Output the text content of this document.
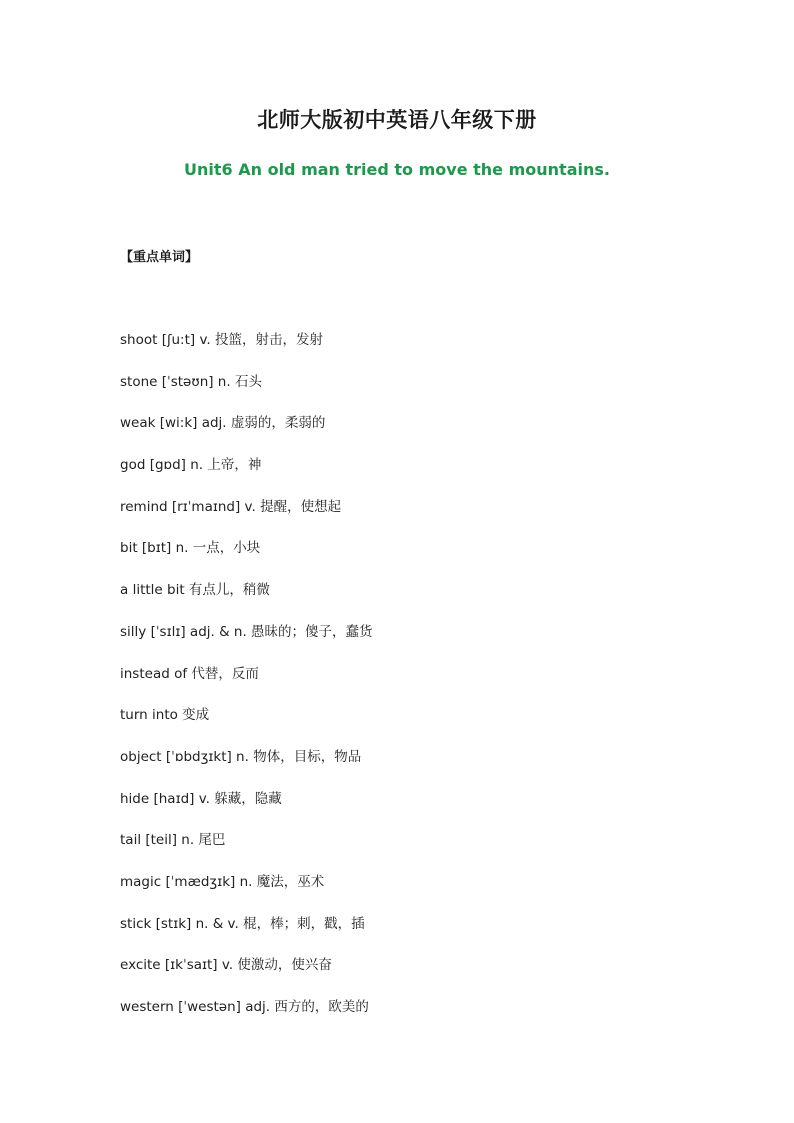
北师大版初中英语八年级下册
Unit6 An old man tried to move the mountains.
【重点单词】
shoot [ʃu:t] v. 投篮，射击，发射
stone [ˈstəʊn] n. 石头
weak [wi:k] adj. 虚弱的，柔弱的
god [gɒd] n. 上帝，神
remind [rɪˈmaɪnd] v. 提醒，使想起
bit [bɪt] n. 一点，小块
a little bit 有点儿，稍微
silly [ˈsɪlɪ] adj. & n. 愚昧的；傻子，蠢货
instead of 代替，反而
turn into 变成
object [ˈɒbdʒɪkt] n. 物体，目标，物品
hide [haɪd] v. 躲藏，隐藏
tail [teil] n. 尾巴
magic [ˈmædʒɪk] n. 魔法，巫术
stick [stɪk] n. & v. 棍，棒；刺，戳，插
excite [ɪkˈsaɪt] v. 使激动，使兴奋
western [ˈwestən] adj. 西方的，欧美的
